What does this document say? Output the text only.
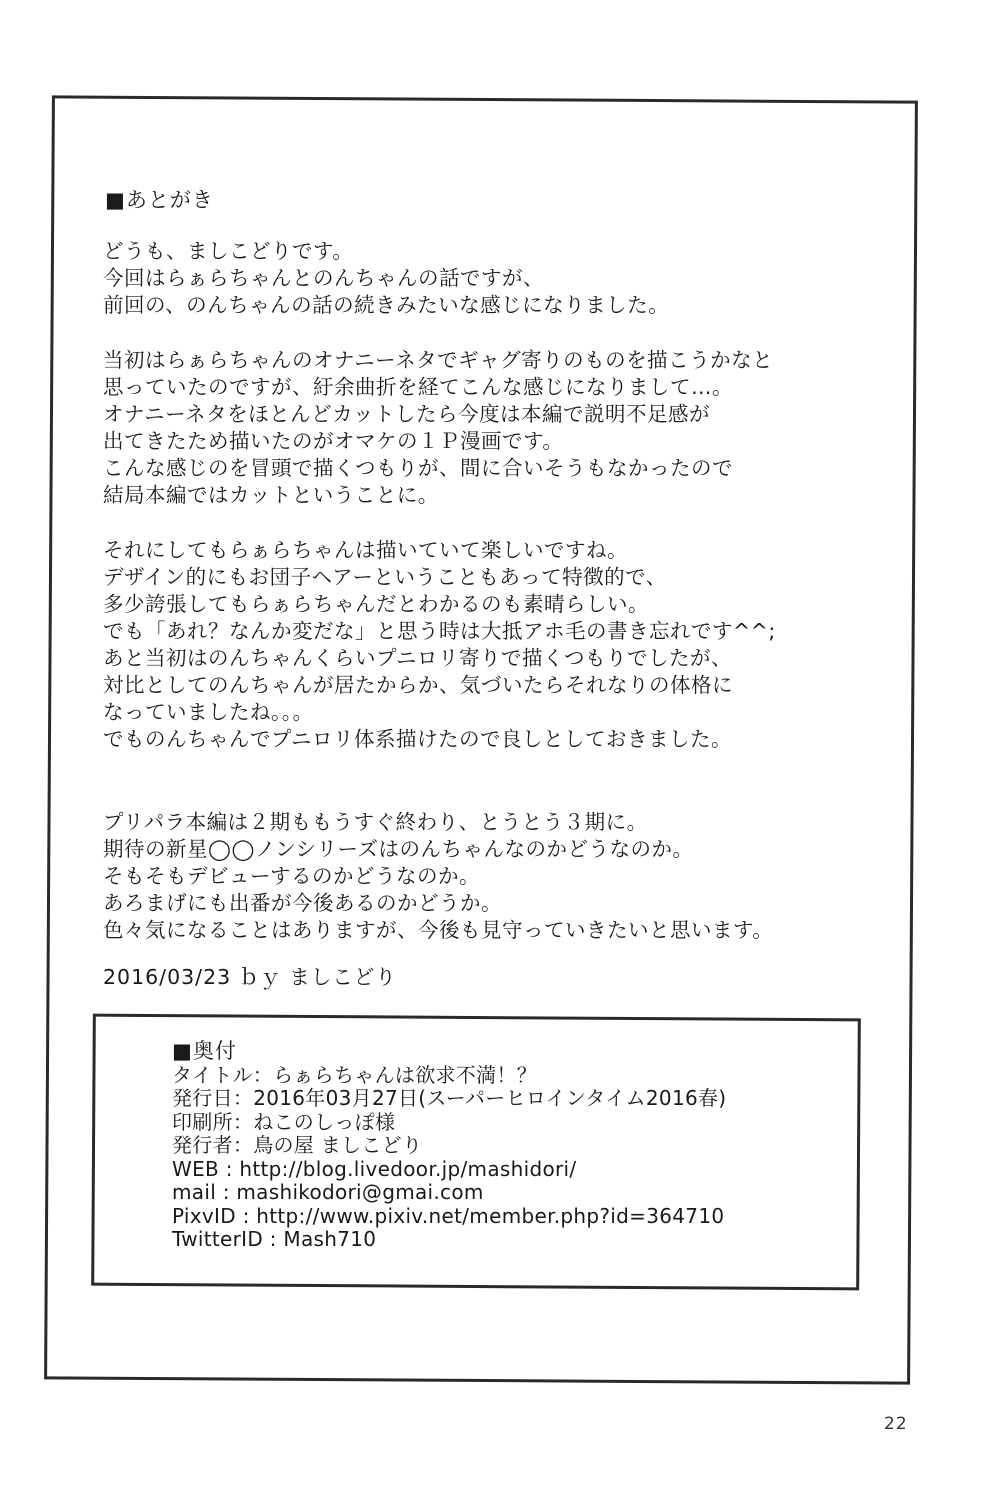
■あとがき

どうも、ましこどりです。
今回はらぁらちゃんとのんちゃんの話ですが、
前回の、のんちゃんの話の続きみたいな感じになりました。

当初はらぁらちゃんのオナニーネタでギャグ寄りのものを描こうかなと
思っていたのですが、紆余曲折を経てこんな感じになりまして…。
オナニーネタをほとんどカットしたら今度は本編で説明不足感が
出てきたため描いたのがオマケの１Ｐ漫画です。
こんな感じのを冒頭で描くつもりが、間に合いそうもなかったので
結局本編ではカットということに。

それにしてもらぁらちゃんは描いていて楽しいですね。
デザイン的にもお団子ヘアーということもあって特徴的で、
多少誇張してもらぁらちゃんだとわかるのも素晴らしい。
でも「あれ？なんか変だな」と思う時は大抵アホ毛の書き忘れです^^;
あと当初はのんちゃんくらいプニロリ寄りで描くつもりでしたが、
対比としてのんちゃんが居たからか、気づいたらそれなりの体格に
なっていましたね。。。
でものんちゃんでプニロリ体系描けたので良しとしておきました。

プリパラ本編は２期ももうすぐ終わり、とうとう３期に。
期待の新星◯◯ノンシリーズはのんちゃんなのかどうなのか。
そもそもデビューするのかどうなのか。
あろまげにも出番が今後あるのかどうか。
色々気になることはありますが、今後も見守っていきたいと思います。

2016/03/23 ｂｙ ましこどり
■奥付
タイトル：らぁらちゃんは欲求不満！？
発行日：2016年03月27日(スーパーヒロインタイム2016春)
印刷所：ねこのしっぽ様
発行者：鳥の屋 ましこどり
WEB : http://blog.livedoor.jp/mashidori/
mail : mashikodori@gmai.com
PixvID : http://www.pixiv.net/member.php?id=364710
TwitterID : Mash710
22
